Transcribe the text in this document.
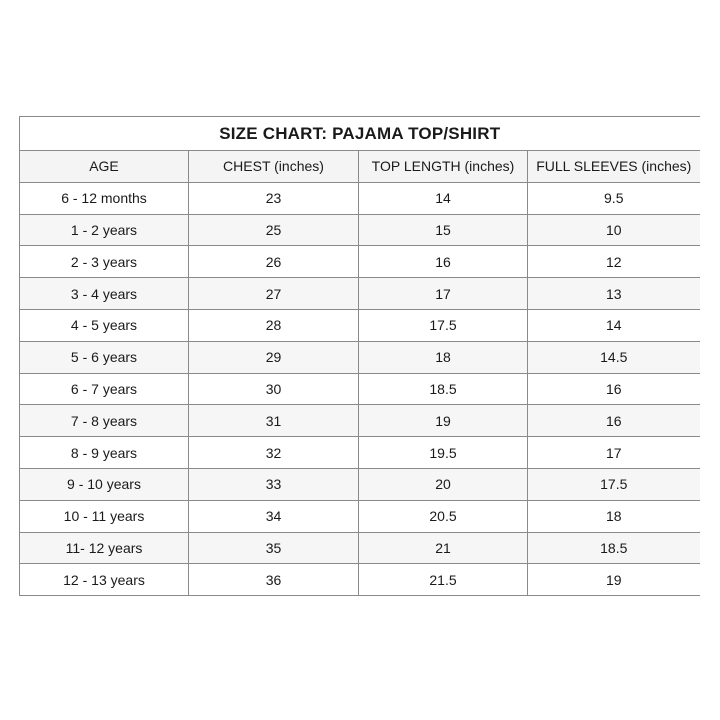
SIZE CHART: PAJAMA TOP/SHIRT			
AGE	CHEST (inches)	TOP LENGTH (inches)	FULL SLEEVES (inches)
6 - 12 months	23	14	9.5
1 - 2 years	25	15	10
2 - 3 years	26	16	12
3 - 4 years	27	17	13
4 - 5 years	28	17.5	14
5 - 6 years	29	18	14.5
6 - 7 years	30	18.5	16
7 - 8 years	31	19	16
8 - 9 years	32	19.5	17
9 - 10 years	33	20	17.5
10 - 11 years	34	20.5	18
11- 12 years	35	21	18.5
12 - 13 years	36	21.5	19
